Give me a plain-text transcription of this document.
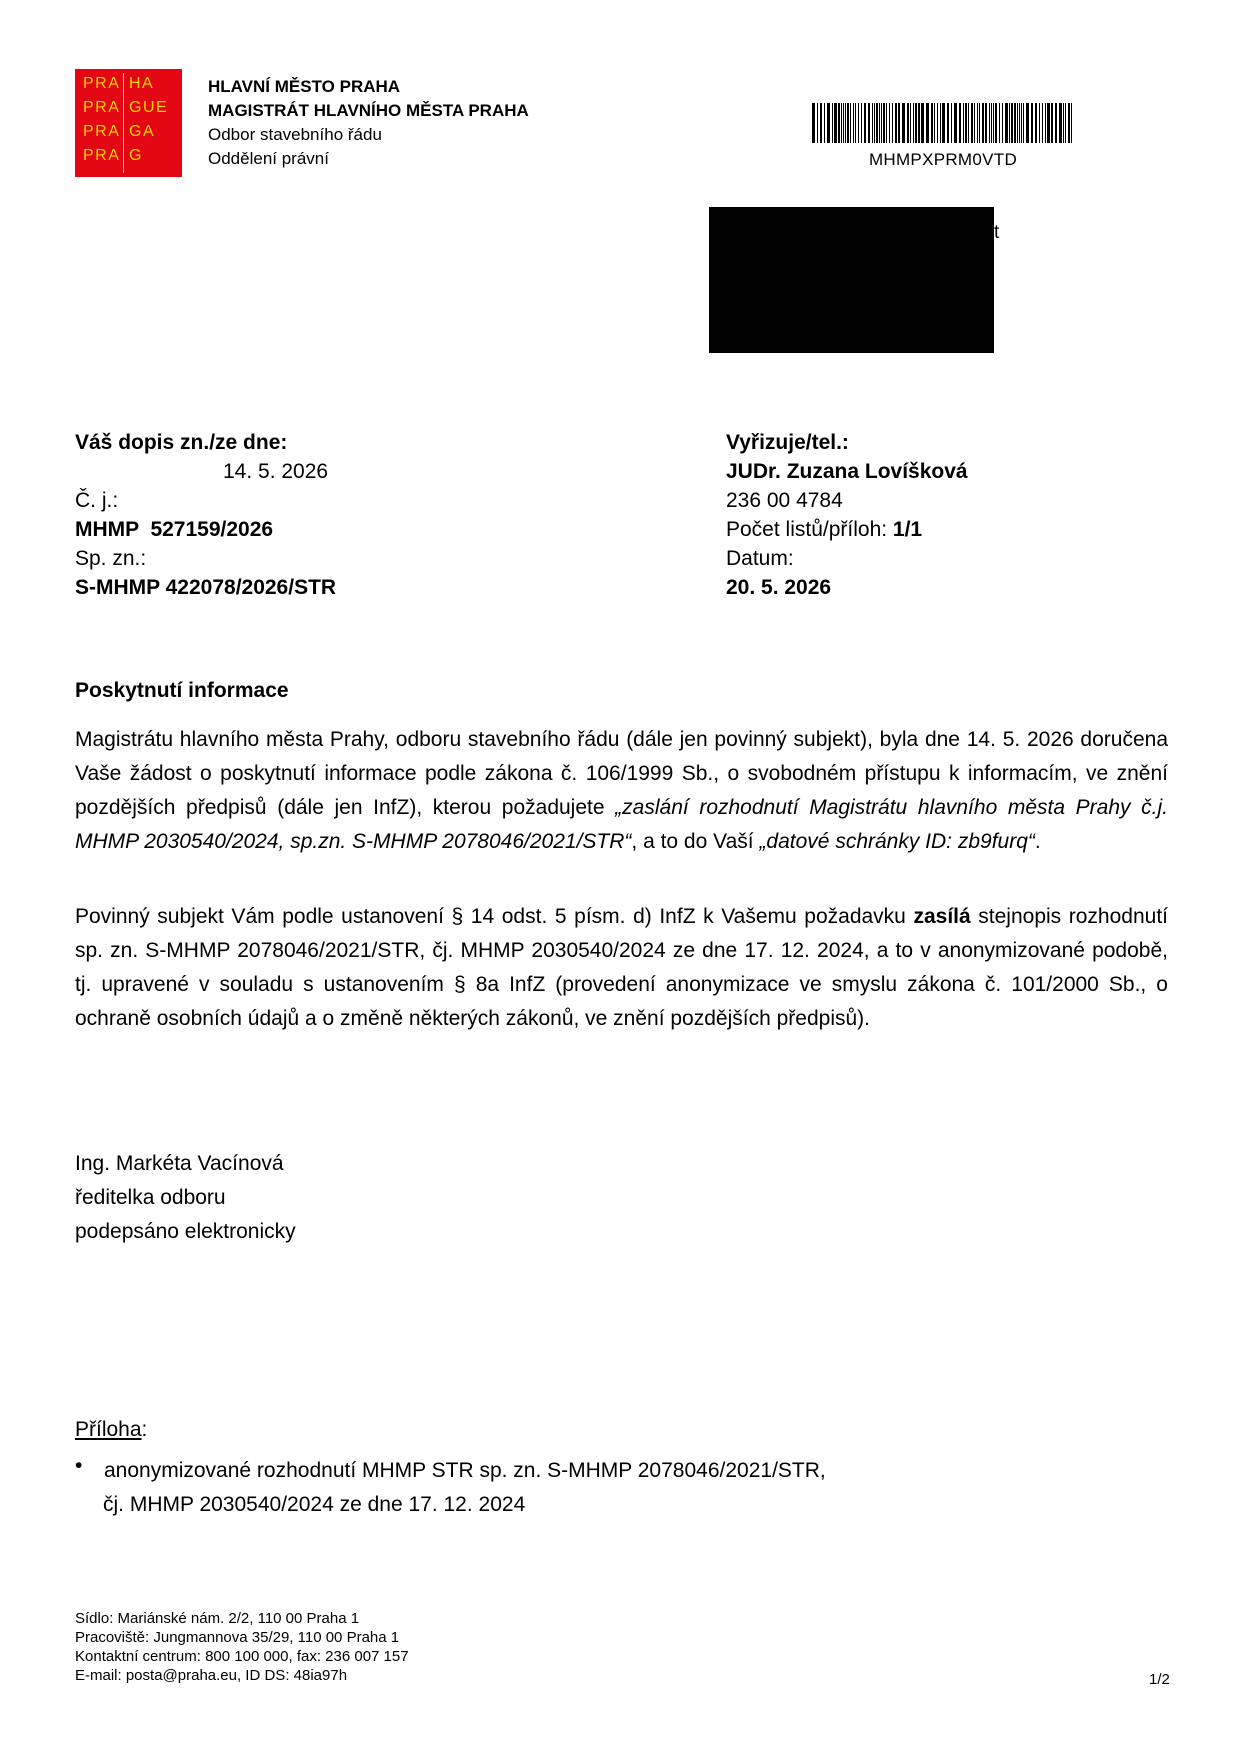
PRA HA
PRA GUE
PRA GA
PRA G
HLAVNÍ MĚSTO PRAHA
MAGISTRÁT HLAVNÍHO MĚSTA PRAHA
Odbor stavebního řádu
Oddělení právní	MHMPXPRM0VTD
t
Váš dopis zn./ze dne:
14. 5. 2026
Č. j.:
MHMP  527159/2026
Sp. zn.:
S-MHMP 422078/2026/STR
Vyřizuje/tel.:
JUDr. Zuzana Lovíšková
236 00 4784
Počet listů/příloh: 1/1
Datum:
20. 5. 2026
Poskytnutí informace
Magistrátu hlavního města Prahy, odboru stavebního řádu (dále jen povinný subjekt), byla dne 14. 5. 2026 doručena Vaše žádost o poskytnutí informace podle zákona č. 106/1999 Sb., o svobodném přístupu k informacím, ve znění pozdějších předpisů (dále jen InfZ), kterou požadujete „zaslání rozhodnutí Magistrátu hlavního města Prahy č.j. MHMP 2030540/2024, sp.zn. S-MHMP 2078046/2021/STR“, a to do Vaší „datové schránky ID: zb9furq“.
Povinný subjekt Vám podle ustanovení § 14 odst. 5 písm. d) InfZ k Vašemu požadavku zasílá stejnopis rozhodnutí sp. zn. S-MHMP 2078046/2021/STR, čj. MHMP 2030540/2024 ze dne 17. 12. 2024, a to v anonymizované podobě, tj. upravené v souladu s ustanovením § 8a InfZ (provedení anonymizace ve smyslu zákona č. 101/2000 Sb., o ochraně osobních údajů a o změně některých zákonů, ve znění pozdějších předpisů).
Ing. Markéta Vacínová
ředitelka odboru
podepsáno elektronicky
Příloha:
• anonymizované rozhodnutí MHMP STR sp. zn. S-MHMP 2078046/2021/STR,
čj. MHMP 2030540/2024 ze dne 17. 12. 2024
Sídlo: Mariánské nám. 2/2, 110 00 Praha 1
Pracoviště: Jungmannova 35/29, 110 00 Praha 1
Kontaktní centrum: 800 100 000, fax: 236 007 157
E-mail: posta@praha.eu, ID DS: 48ia97h	1/2
